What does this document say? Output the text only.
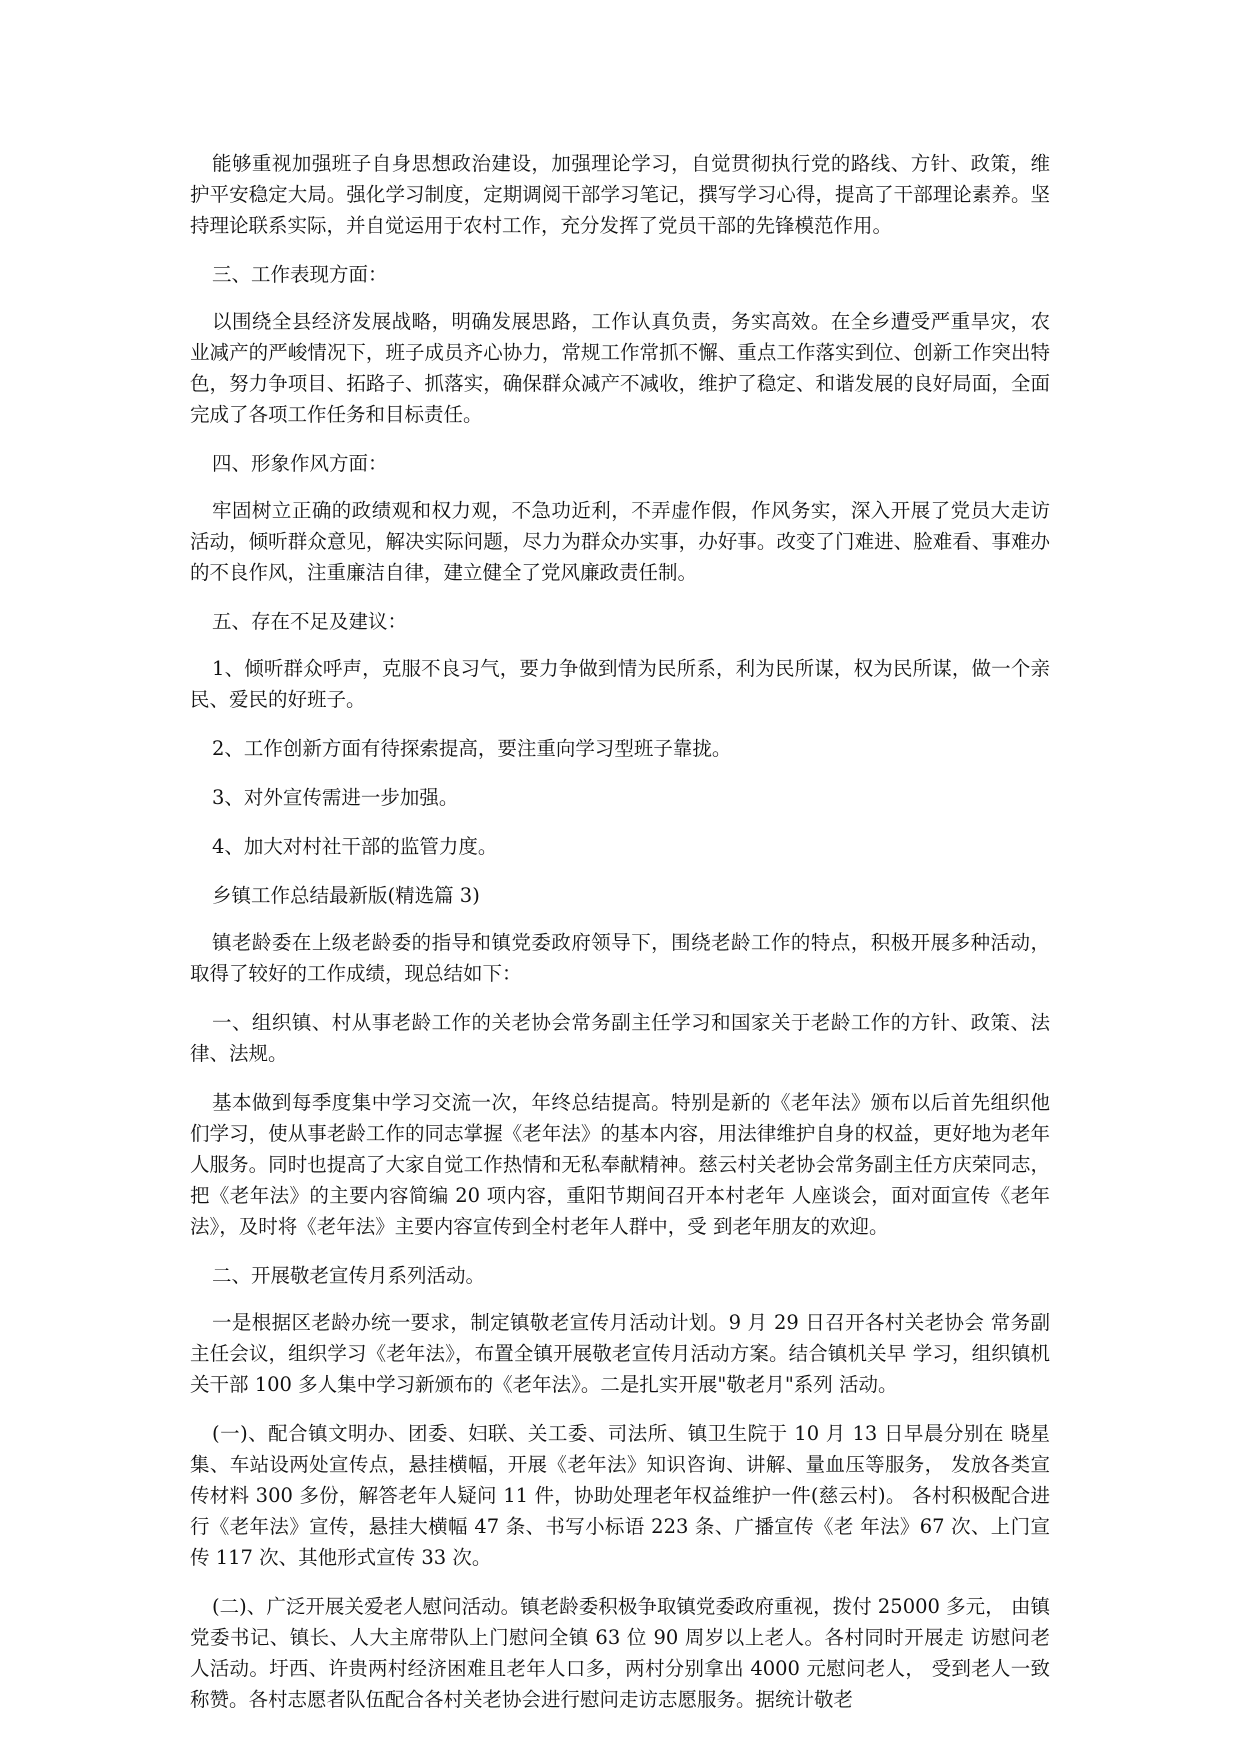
能够重视加强班子自身思想政治建设，加强理论学习，自觉贯彻执行党的路线、方针、政策，维护平安稳定大局。强化学习制度，定期调阅干部学习笔记，撰写学习心得，提高了干部理论素养。坚持理论联系实际，并自觉运用于农村工作，充分发挥了党员干部的先锋模范作用。

三、工作表现方面：

以围绕全县经济发展战略，明确发展思路，工作认真负责，务实高效。在全乡遭受严重旱灾，农业减产的严峻情况下，班子成员齐心协力，常规工作常抓不懈、重点工作落实到位、创新工作突出特色，努力争项目、拓路子、抓落实，确保群众减产不减收，维护了稳定、和谐发展的良好局面，全面完成了各项工作任务和目标责任。

四、形象作风方面：

牢固树立正确的政绩观和权力观，不急功近利，不弄虚作假，作风务实，深入开展了党员大走访活动，倾听群众意见，解决实际问题，尽力为群众办实事，办好事。改变了门难进、脸难看、事难办的不良作风，注重廉洁自律，建立健全了党风廉政责任制。

五、存在不足及建议：

1、倾听群众呼声，克服不良习气，要力争做到情为民所系，利为民所谋，权为民所谋，做一个亲民、爱民的好班子。

2、工作创新方面有待探索提高，要注重向学习型班子靠拢。

3、对外宣传需进一步加强。

4、加大对村社干部的监管力度。

乡镇工作总结最新版(精选篇 3)

镇老龄委在上级老龄委的指导和镇党委政府领导下，围绕老龄工作的特点，积极开展多种活动，取得了较好的工作成绩，现总结如下：

一、组织镇、村从事老龄工作的关老协会常务副主任学习和国家关于老龄工作的方针、政策、法律、法规。

基本做到每季度集中学习交流一次，年终总结提高。特别是新的《老年法》颁布以后首先组织他们学习，使从事老龄工作的同志掌握《老年法》的基本内容，用法律维护自身的权益，更好地为老年人服务。同时也提高了大家自觉工作热情和无私奉献精神。慈云村关老协会常务副主任方庆荣同志，把《老年法》的主要内容简编 20 项内容，重阳节期间召开本村老年 人座谈会，面对面宣传《老年法》，及时将《老年法》主要内容宣传到全村老年人群中，受 到老年朋友的欢迎。

二、开展敬老宣传月系列活动。

一是根据区老龄办统一要求，制定镇敬老宣传月活动计划。9 月 29 日召开各村关老协会 常务副主任会议，组织学习《老年法》，布置全镇开展敬老宣传月活动方案。结合镇机关早 学习，组织镇机关干部 100 多人集中学习新颁布的《老年法》。二是扎实开展"敬老月"系列 活动。

(一)、配合镇文明办、团委、妇联、关工委、司法所、镇卫生院于 10 月 13 日早晨分别在 晓星集、车站设两处宣传点，悬挂横幅，开展《老年法》知识咨询、讲解、量血压等服务， 发放各类宣传材料 300 多份，解答老年人疑问 11 件，协助处理老年权益维护一件(慈云村)。 各村积极配合进行《老年法》宣传，悬挂大横幅 47 条、书写小标语 223 条、广播宣传《老 年法》67 次、上门宣传 117 次、其他形式宣传 33 次。

(二)、广泛开展关爱老人慰问活动。镇老龄委积极争取镇党委政府重视，拨付 25000 多元， 由镇党委书记、镇长、人大主席带队上门慰问全镇 63 位 90 周岁以上老人。各村同时开展走 访慰问老人活动。圩西、许贵两村经济困难且老年人口多，两村分别拿出 4000 元慰问老人， 受到老人一致称赞。各村志愿者队伍配合各村关老协会进行慰问走访志愿服务。据统计敬老
